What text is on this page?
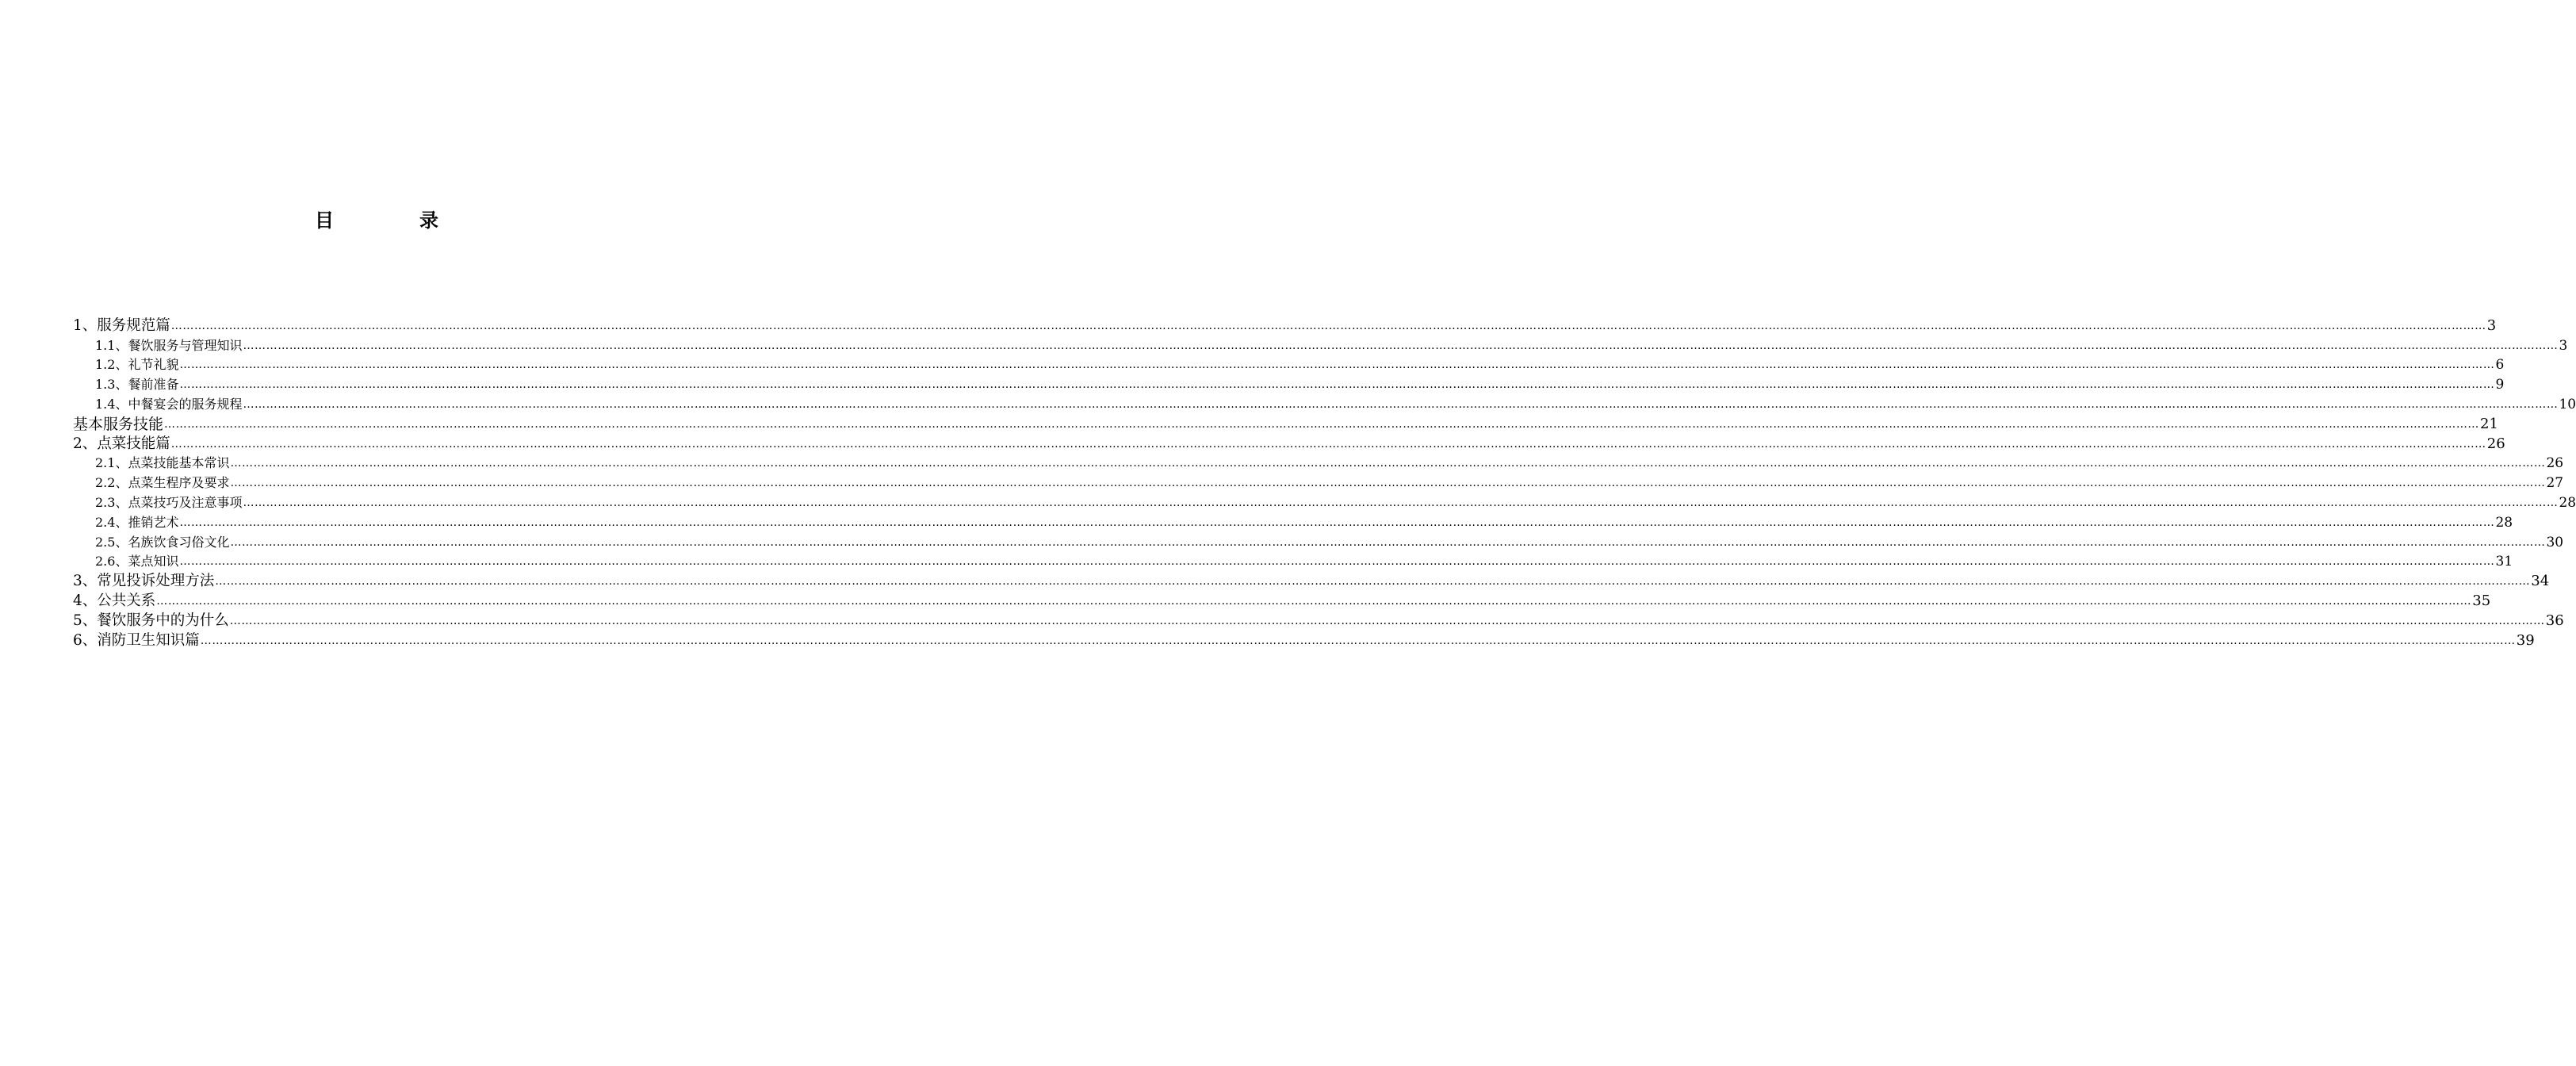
目　录
1、服务规范篇 …………………………………………………………………………………………………………………………………………………………………………………………………………………………………………………………………………………………………………………………………………………………………………………………………………………………………………………………………………………………………………………………………………………… 3
1.1、餐饮服务与管理知识 …………………………………………………………………………………………………………………………………………………………………………………………………………………………………………………………………………………………………………………………………………………………………………………………………………………………………………………………………………………………………………………………………………………… 3
1.2、礼节礼貌 …………………………………………………………………………………………………………………………………………………………………………………………………………………………………………………………………………………………………………………………………………………………………………………………………………………………………………………………………………………………………………………………………………………… 6
1.3、餐前准备 …………………………………………………………………………………………………………………………………………………………………………………………………………………………………………………………………………………………………………………………………………………………………………………………………………………………………………………………………………………………………………………………………………………… 9
1.4、中餐宴会的服务规程 …………………………………………………………………………………………………………………………………………………………………………………………………………………………………………………………………………………………………………………………………………………………………………………………………………………………………………………………………………………………………………………………………………………… 10
基本服务技能 …………………………………………………………………………………………………………………………………………………………………………………………………………………………………………………………………………………………………………………………………………………………………………………………………………………………………………………………………………………………………………………………………………………… 21
2、点菜技能篇 …………………………………………………………………………………………………………………………………………………………………………………………………………………………………………………………………………………………………………………………………………………………………………………………………………………………………………………………………………………………………………………………………………………… 26
2.1、点菜技能基本常识 …………………………………………………………………………………………………………………………………………………………………………………………………………………………………………………………………………………………………………………………………………………………………………………………………………………………………………………………………………………………………………………………………………………… 26
2.2、点菜生程序及要求 …………………………………………………………………………………………………………………………………………………………………………………………………………………………………………………………………………………………………………………………………………………………………………………………………………………………………………………………………………………………………………………………………………………… 27
2.3、点菜技巧及注意事项 …………………………………………………………………………………………………………………………………………………………………………………………………………………………………………………………………………………………………………………………………………………………………………………………………………………………………………………………………………………………………………………………………………………… 28
2.4、推销艺术 …………………………………………………………………………………………………………………………………………………………………………………………………………………………………………………………………………………………………………………………………………………………………………………………………………………………………………………………………………………………………………………………………………………… 28
2.5、名族饮食习俗文化 …………………………………………………………………………………………………………………………………………………………………………………………………………………………………………………………………………………………………………………………………………………………………………………………………………………………………………………………………………………………………………………………………………………… 30
2.6、菜点知识 …………………………………………………………………………………………………………………………………………………………………………………………………………………………………………………………………………………………………………………………………………………………………………………………………………………………………………………………………………………………………………………………………………………… 31
3、常见投诉处理方法 …………………………………………………………………………………………………………………………………………………………………………………………………………………………………………………………………………………………………………………………………………………………………………………………………………………………………………………………………………………………………………………………………………………… 34
4、公共关系 …………………………………………………………………………………………………………………………………………………………………………………………………………………………………………………………………………………………………………………………………………………………………………………………………………………………………………………………………………………………………………………………………………………… 35
5、餐饮服务中的为什么 …………………………………………………………………………………………………………………………………………………………………………………………………………………………………………………………………………………………………………………………………………………………………………………………………………………………………………………………………………………………………………………………………………………… 36
6、消防卫生知识篇 …………………………………………………………………………………………………………………………………………………………………………………………………………………………………………………………………………………………………………………………………………………………………………………………………………………………………………………………………………………………………………………………………………………… 39
